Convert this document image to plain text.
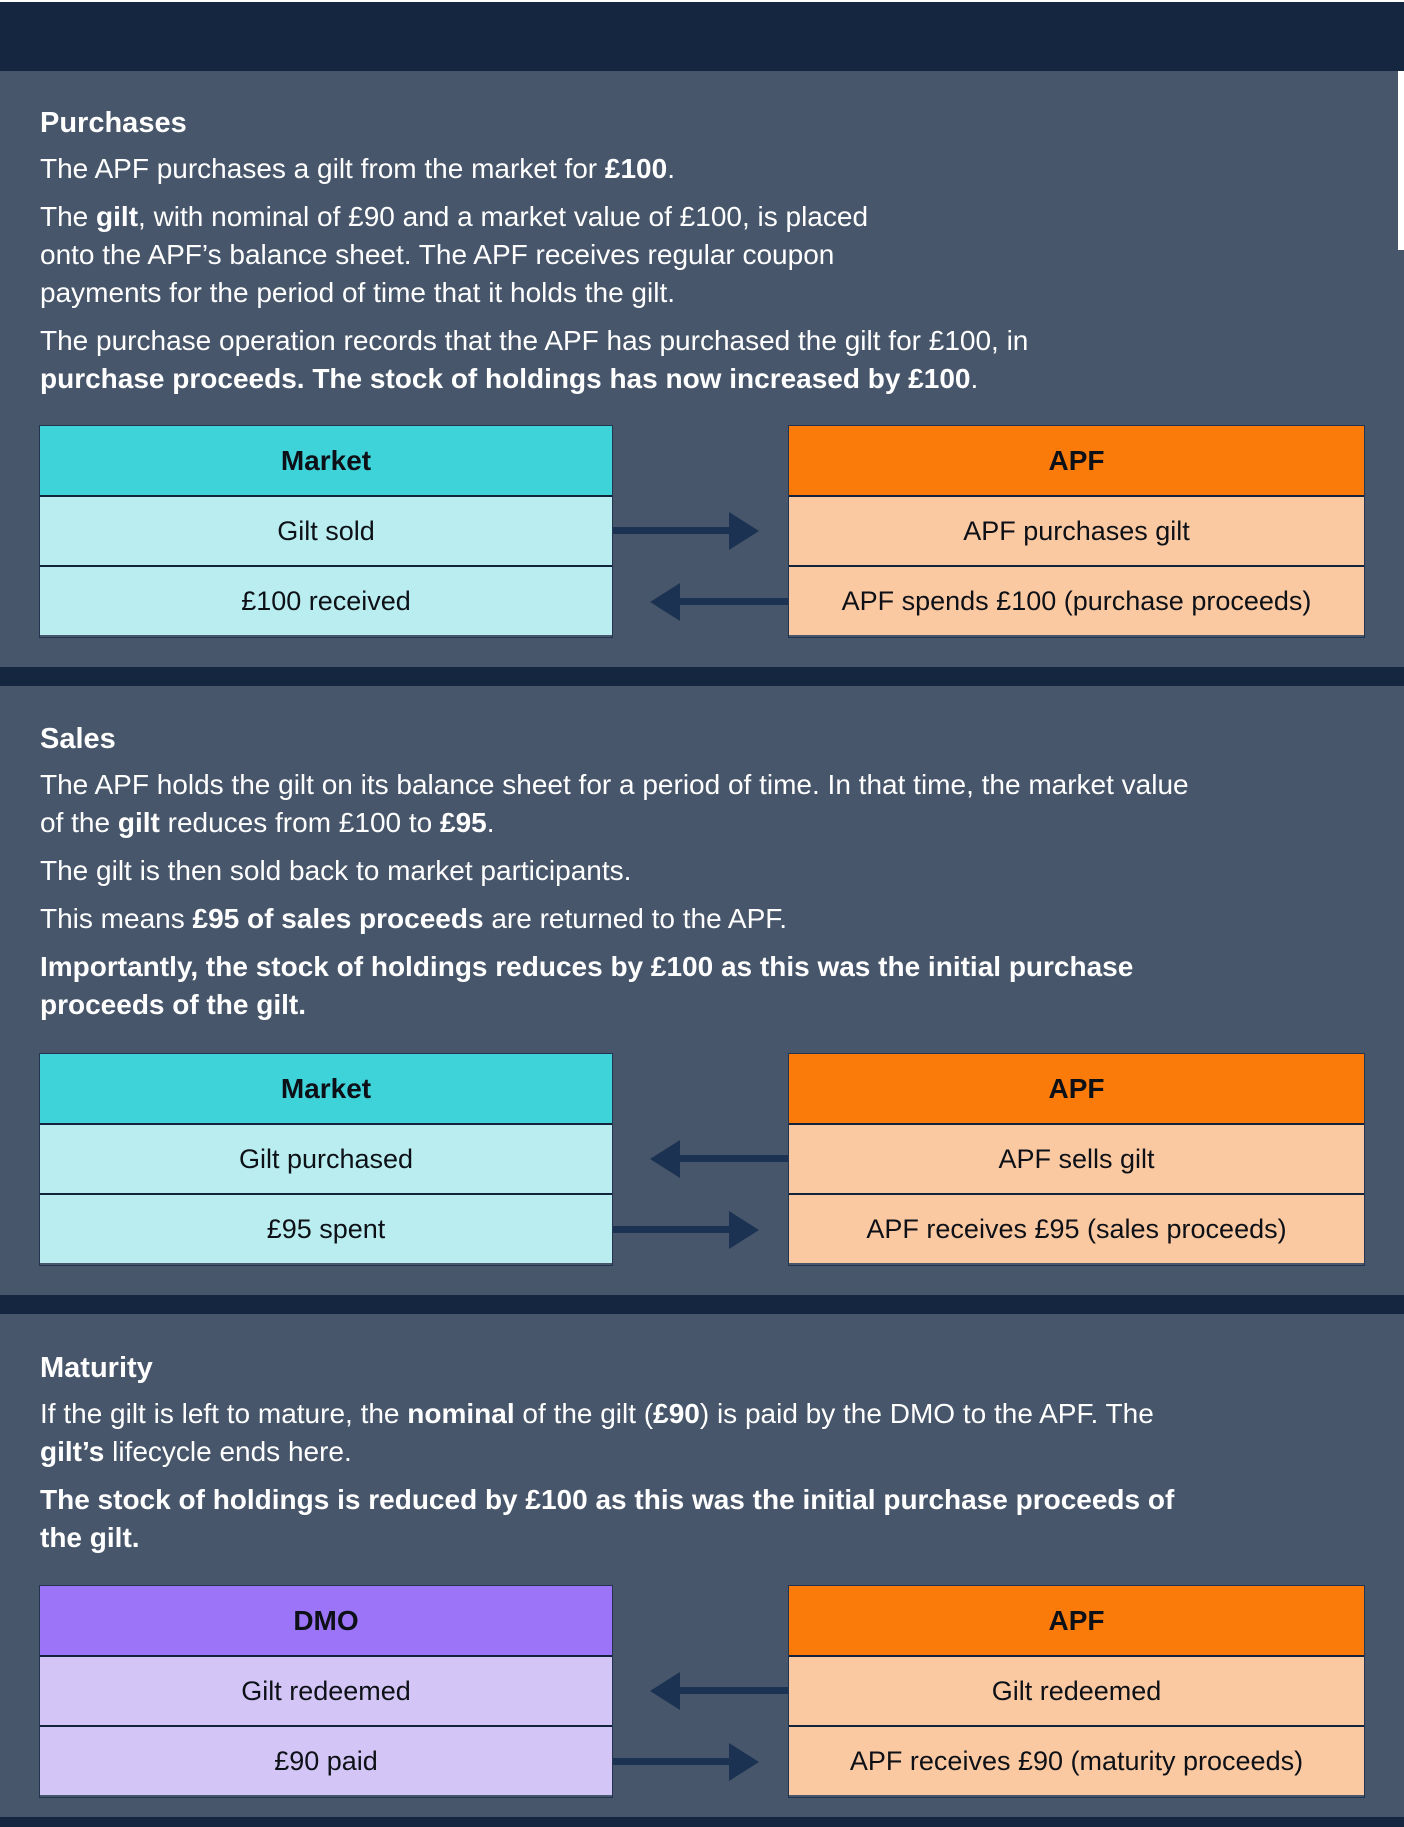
Purchases

The APF purchases a gilt from the market for £100.

The gilt, with nominal of £90 and a market value of £100, is placed
onto the APF’s balance sheet. The APF receives regular coupon
payments for the period of time that it holds the gilt.

The purchase operation records that the APF has purchased the gilt for £100, in
purchase proceeds. The stock of holdings has now increased by £100.

Market
Gilt sold
£100 received
APF
APF purchases gilt
APF spends £100 (purchase proceeds)
Sales

The APF holds the gilt on its balance sheet for a period of time. In that time, the market value
of the gilt reduces from £100 to £95.

The gilt is then sold back to market participants.

This means £95 of sales proceeds are returned to the APF.

Importantly, the stock of holdings reduces by £100 as this was the initial purchase
proceeds of the gilt.

Market
Gilt purchased
£95 spent
APF
APF sells gilt
APF receives £95 (sales proceeds)
Maturity

If the gilt is left to mature, the nominal of the gilt (£90) is paid by the DMO to the APF. The
gilt’s lifecycle ends here.

The stock of holdings is reduced by £100 as this was the initial purchase proceeds of
the gilt.

DMO
Gilt redeemed
£90 paid
APF
Gilt redeemed
APF receives £90 (maturity proceeds)
